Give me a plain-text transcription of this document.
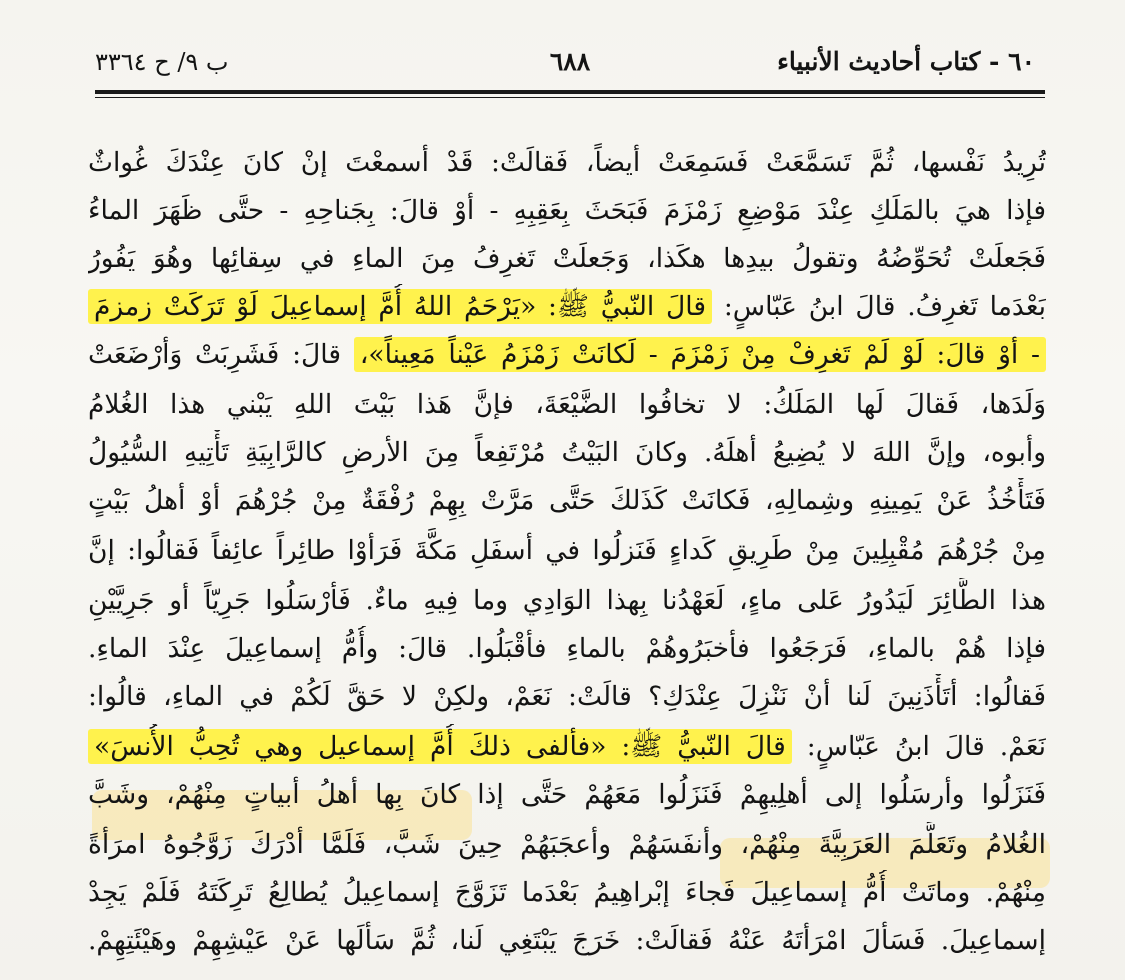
٦٠ - كتاب أحاديث الأنبياء
٦٨٨
ب ٩/ ح ٣٣٦٤
تُرِيدُ نَفْسها، ثُمَّ تَسَمَّعَتْ فَسَمِعَتْ أيضاً، فَقالَتْ: قَدْ أسمعْتَ إنْ كانَ عِنْدَكَ غُواثٌ
فإذا هيَ بالمَلَكِ عِنْدَ مَوْضِعِ زَمْزَمَ فَبَحَثَ بِعَقِبِهِ - أوْ قالَ: بِجَناحِهِ - حتَّى ظَهَرَ الماءُ
فَجَعلَتْ تُحَوِّضُهُ وتقولُ بيدِها هكَذا، وَجَعلَتْ تَغرِفُ مِنَ الماءِ في سِقائِها وهُوَ يَفُورُ
بَعْدَما تَغرِفُ. قالَ ابنُ عَبّاسٍ: قالَ النّبيُّ ﷺ: «يَرْحَمُ اللهُ أُمَّ إسماعِيلَ لَوْ تَرَكَتْ زمزمَ
- أوْ قالَ: لَوْ لَمْ تَغرِفْ مِنْ زَمْزَمَ - لَكانَتْ زَمْزَمُ عَيْناً مَعِيناً»، قالَ: فَشَرِبَتْ وَأرْضَعَتْ
وَلَدَها، فَقالَ لَها المَلَكُ: لا تخافُوا الضَّيْعَةَ، فإنَّ هَذا بَيْتَ اللهِ يَبْني هذا الغُلامُ
وأبوه، وإنَّ اللهَ لا يُضِيعُ أهلَهُ. وكانَ البَيْتُ مُرْتَفِعاً مِنَ الأرضِ كالرَّابِيَةِ تَأْتِيهِ السُّيُولُ
فَتَأْخُذُ عَنْ يَمِينِهِ وشِمالِهِ، فَكانَتْ كَذَلكَ حَتَّى مَرَّتْ بِهِمْ رُفْقَةٌ مِنْ جُرْهُمَ أوْ أهلُ بَيْتٍ
مِنْ جُرْهُمَ مُقْبِلِينَ مِنْ طَرِيقِ كَداءٍ فَنَزلُوا في أسفَلِ مَكَّةَ فَرَأوْا طائِراً عائِفاً فَقالُوا: إنَّ
هذا الطَّائِرَ لَيَدُورُ عَلى ماءٍ، لَعَهْدُنا بِهذا الوَادِي وما فِيهِ ماءٌ. فَأرْسَلُوا جَرِيّاً أو جَرِيَّيْنِ
فإذا هُمْ بالماءِ، فَرَجَعُوا فأخبَرُوهُمْ بالماءِ فأقْبَلُوا. قالَ: وأُمُّ إسماعِيلَ عِنْدَ الماءِ.
فَقالُوا: أتَأْذَنِينَ لَنا أنْ نَنْزِلَ عِنْدَكِ؟ قالَتْ: نَعَمْ، ولكِنْ لا حَقَّ لَكُمْ في الماءِ، قالُوا:
نَعَمْ. قالَ ابنُ عَبّاسٍ: قالَ النّبيُّ ﷺ: «فألفى ذلكَ أُمَّ إسماعيل وهي تُحِبُّ الأُنسَ»
فَنَزَلُوا وأرسَلُوا إلى أهلِيهِمْ فَنَزَلُوا مَعَهُمْ حَتَّى إذا كانَ بِها أهلُ أبياتٍ مِنْهُمْ، وشَبَّ
الغُلامُ وتَعَلَّمَ العَرَبِيَّةَ مِنْهُمْ، وأنفَسَهُمْ وأعجَبَهُمْ حِينَ شَبَّ، فَلَمَّا أدْرَكَ زَوَّجُوهُ امرَأةً
مِنْهُمْ. وماتَتْ أُمُّ إسماعِيلَ فَجاءَ إبْراهِيمُ بَعْدَما تَزَوَّجَ إسماعِيلُ يُطالِعُ تَرِكَتَهُ فَلَمْ يَجِدْ
إسماعِيلَ. فَسَألَ امْرَأتَهُ عَنْهُ فَقالَتْ: خَرَجَ يَبْتَغِي لَنا، ثُمَّ سَألَها عَنْ عَيْشِهِمْ وهَيْئَتِهِمْ.
